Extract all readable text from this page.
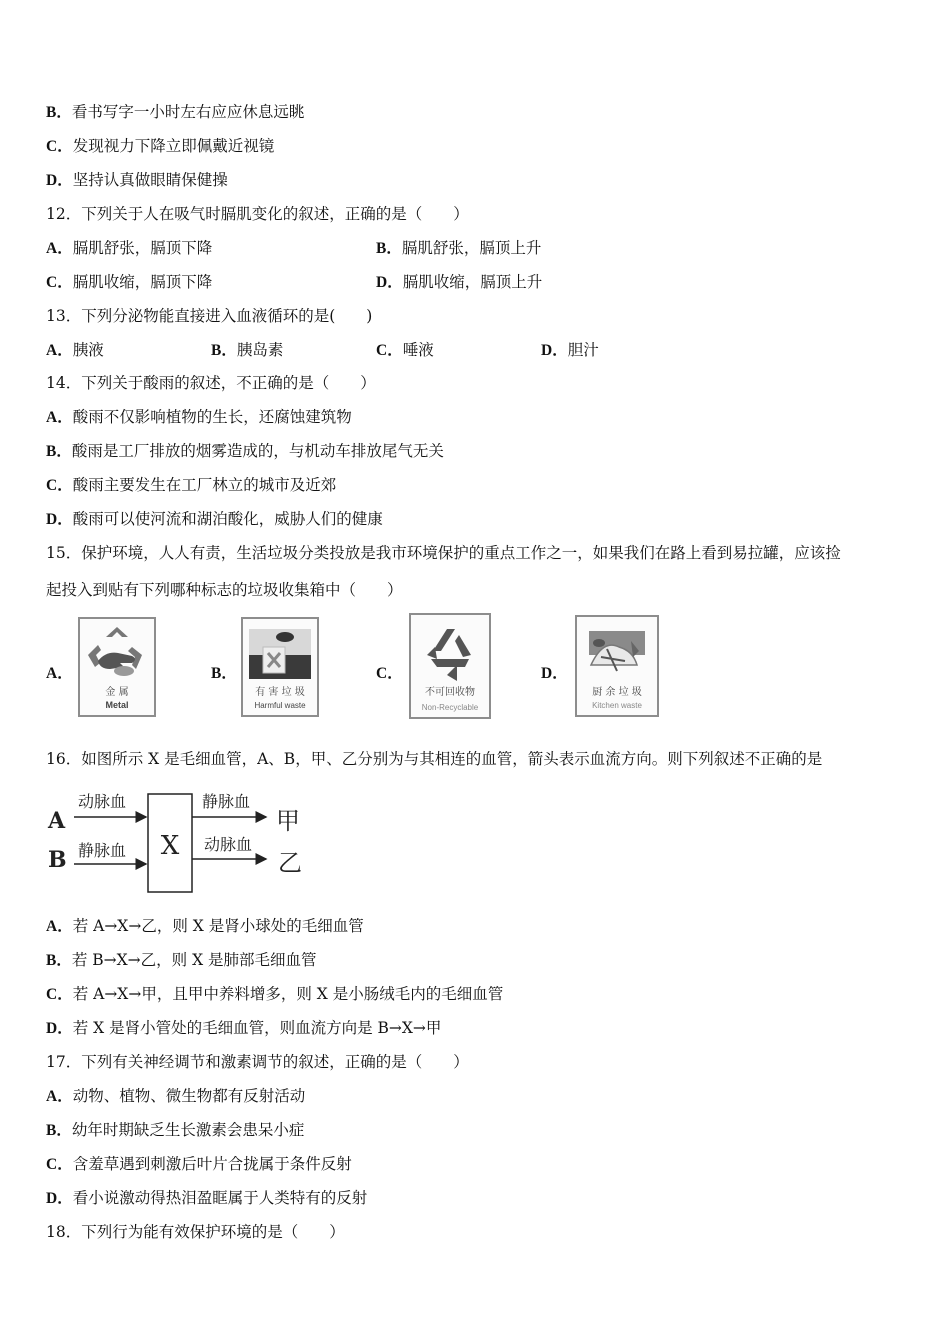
B．看书写字一小时左右应应休息远眺
C．发现视力下降立即佩戴近视镜
D．坚持认真做眼睛保健操
12．下列关于人在吸气时膈肌变化的叙述，正确的是（　　）
A．膈肌舒张，膈顶下降	B．膈肌舒张，膈顶上升
C．膈肌收缩，膈顶下降	D．膈肌收缩，膈顶上升
13．下列分泌物能直接进入血液循环的是(　　)
A．胰液	B．胰岛素	C．唾液	D．胆汁
14．下列关于酸雨的叙述，不正确的是（　　）
A．酸雨不仅影响植物的生长，还腐蚀建筑物
B．酸雨是工厂排放的烟雾造成的，与机动车排放尾气无关
C．酸雨主要发生在工厂林立的城市及近郊
D．酸雨可以使河流和湖泊酸化，威胁人们的健康
15．保护环境，人人有责，生活垃圾分类投放是我市环境保护的重点工作之一，如果我们在路上看到易拉罐，应该捡
起投入到贴有下列哪种标志的垃圾收集箱中（　　）
A．
金 属
Metal
B．
有 害 垃 圾
Harmful waste
C．
不可回收物
Non-Recyclable
D．
厨 余 垃 圾
Kitchen waste
16．如图所示 X 是毛细血管，A、B，甲、乙分别为与其相连的血管，箭头表示血流方向。则下列叙述不正确的是
A
B
动脉血
静脉血 X
静脉血
动脉血
甲
乙
A．若 A→X→乙，则 X 是肾小球处的毛细血管
B．若 B→X→乙，则 X 是肺部毛细血管
C．若 A→X→甲，且甲中养料增多，则 X 是小肠绒毛内的毛细血管
D．若 X 是肾小管处的毛细血管，则血流方向是 B→X→甲
17．下列有关神经调节和激素调节的叙述，正确的是（　　）
A．动物、植物、微生物都有反射活动
B．幼年时期缺乏生长激素会患呆小症
C．含羞草遇到刺激后叶片合拢属于条件反射
D．看小说激动得热泪盈眶属于人类特有的反射
18．下列行为能有效保护环境的是（　　）
